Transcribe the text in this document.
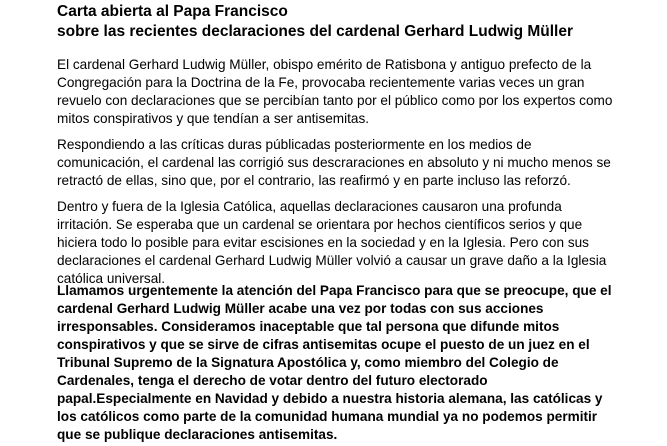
Carta abierta al Papa Francisco
sobre las recientes declaraciones del cardenal Gerhard Ludwig Müller

El cardenal Gerhard Ludwig Müller, obispo emérito de Ratisbona y antiguo prefecto de la Congregación para la Doctrina de la Fe, provocaba recientemente varias veces un gran revuelo con declaraciones que se percibían tanto por el público como por los expertos como mitos conspirativos y que tendían a ser antisemitas.

Respondiendo a las críticas duras públicadas posteriormente en los medios de comunicación, el cardenal las corrigió sus descraraciones en absoluto y ni mucho menos se retractó de ellas, sino que, por el contrario, las reafirmó y en parte incluso las reforzó.

Dentro y fuera de la Iglesia Católica, aquellas declaraciones causaron una profunda irritación. Se esperaba que un cardenal se orientara por hechos científicos serios y que hiciera todo lo posible para evitar escisiones en la sociedad y en la Iglesia. Pero con sus declaraciones el cardenal Gerhard Ludwig Müller volvió a causar un grave daño a la Iglesia católica universal.

Llamamos urgentemente la atención del Papa Francisco para que se preocupe, que el cardenal Gerhard Ludwig Müller acabe una vez por todas con sus acciones irresponsables. Consideramos inaceptable que tal persona que difunde mitos conspirativos y que se sirve de cifras antisemitas ocupe el puesto de un juez en el Tribunal Supremo de la Signatura Apostólica y, como miembro del Colegio de Cardenales, tenga el derecho de votar dentro del futuro electorado papal.Especialmente en Navidad y debido a nuestra historia alemana, las católicas y los católicos como parte de la comunidad humana mundial ya no podemos permitir que se publique declaraciones antisemitas.
